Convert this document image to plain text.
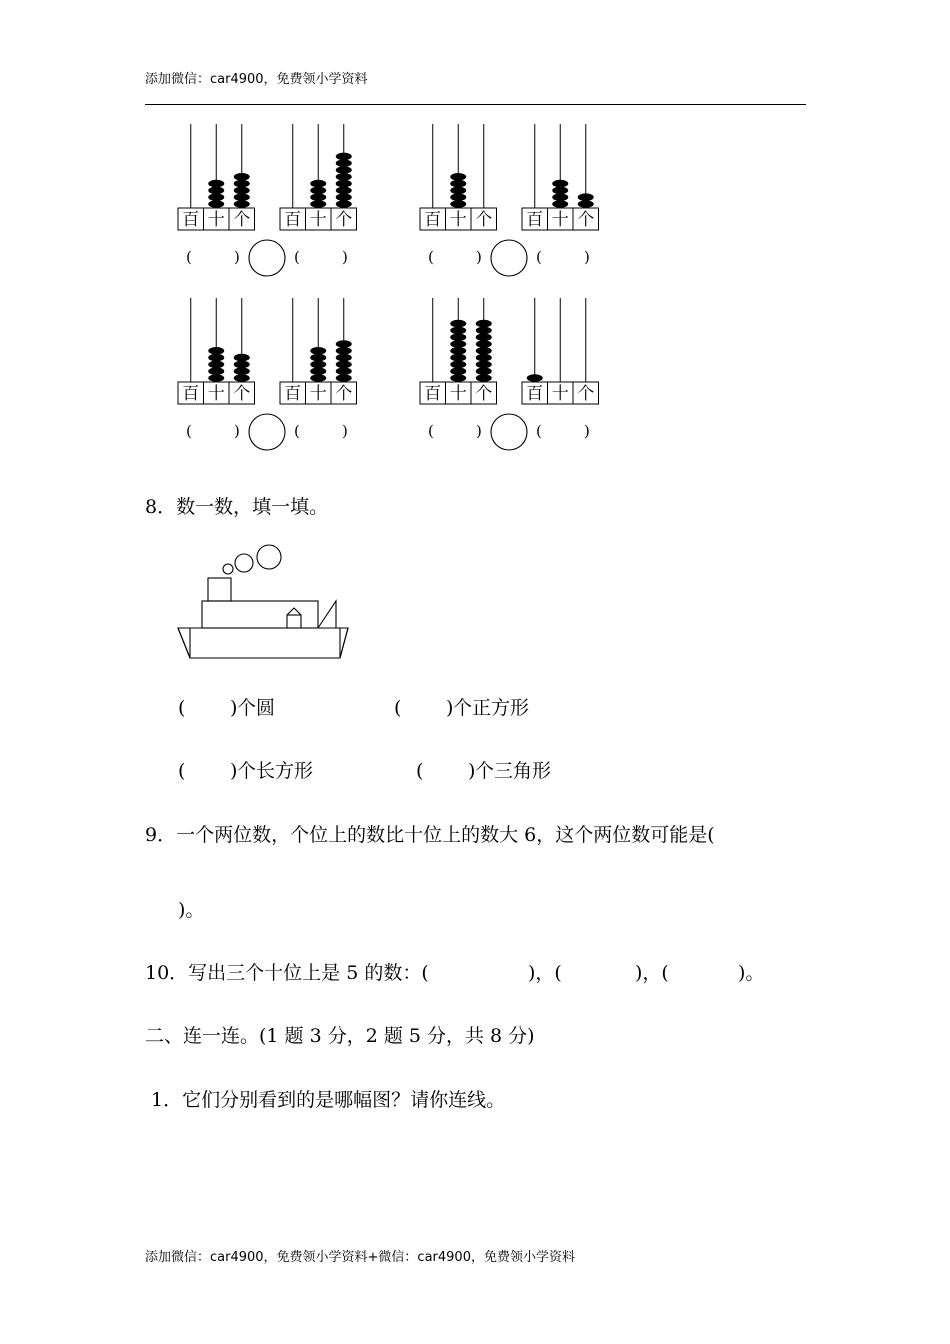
添加微信：car4900，免费领小学资料
百 十 个 百 十 个
(	)	(	)
百 十 个 百 十 个
(	)	(	)
百 十 个 百 十 个
(	)	(	)
百 十 个 百 十 个
(	)	(	)
8．数一数，填一填。
( ) 个圆	( ) 个正方形
( ) 个长方形	( ) 个三角形
9．一个两位数，个位上的数比十位上的数大 6，这个两位数可能是(
)。
10．写出三个十位上是 5 的数：(	)，(	)，(	)。
二、连一连。(1 题 3 分，2 题 5 分，共 8 分)
1．它们分别看到的是哪幅图？请你连线。
添加微信：car4900，免费领小学资料+微信：car4900，免费领小学资料
